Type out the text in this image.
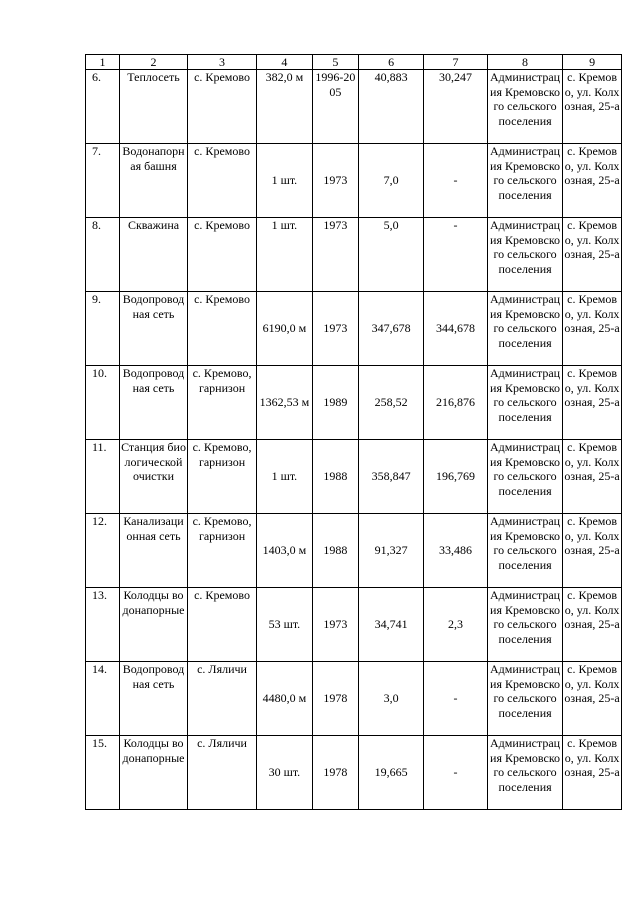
1	2	3	4	5	6	7	8	9
6.	Теплосеть	с. Кремово	382,0 м	1996-2005	40,883	30,247	Администрация Кремовского сельского поселения	с. Кремово, ул. Колхозная, 25-а
7.	Водонапорная башня	с. Кремово	1 шт.	1973	7,0	-	Администрация Кремовского сельского поселения	с. Кремово, ул. Колхозная, 25-а
8.	Скважина	с. Кремово	1 шт.	1973	5,0	-	Администрация Кремовского сельского поселения	с. Кремово, ул. Колхозная, 25-а
9.	Водопроводная сеть	с. Кремово	6190,0 м	1973	347,678	344,678	Администрация Кремовского сельского поселения	с. Кремово, ул. Колхозная, 25-а
10.	Водопроводная сеть	с. Кремово, гарнизон	1362,53 м	1989	258,52	216,876	Администрация Кремовского сельского поселения	с. Кремово, ул. Колхозная, 25-а
11.	Станция биологической очистки	с. Кремово, гарнизон	1 шт.	1988	358,847	196,769	Администрация Кремовского сельского поселения	с. Кремово, ул. Колхозная, 25-а
12.	Канализационная сеть	с. Кремово, гарнизон	1403,0 м	1988	91,327	33,486	Администрация Кремовского сельского поселения	с. Кремово, ул. Колхозная, 25-а
13.	Колодцы водонапорные	с. Кремово	53 шт.	1973	34,741	2,3	Администрация Кремовского сельского поселения	с. Кремово, ул. Колхозная, 25-а
14.	Водопроводная сеть	с. Ляличи	4480,0 м	1978	3,0	-	Администрация Кремовского сельского поселения	с. Кремово, ул. Колхозная, 25-а
15.	Колодцы водонапорные	с. Ляличи	30 шт.	1978	19,665	-	Администрация Кремовского сельского поселения	с. Кремово, ул. Колхозная, 25-а
